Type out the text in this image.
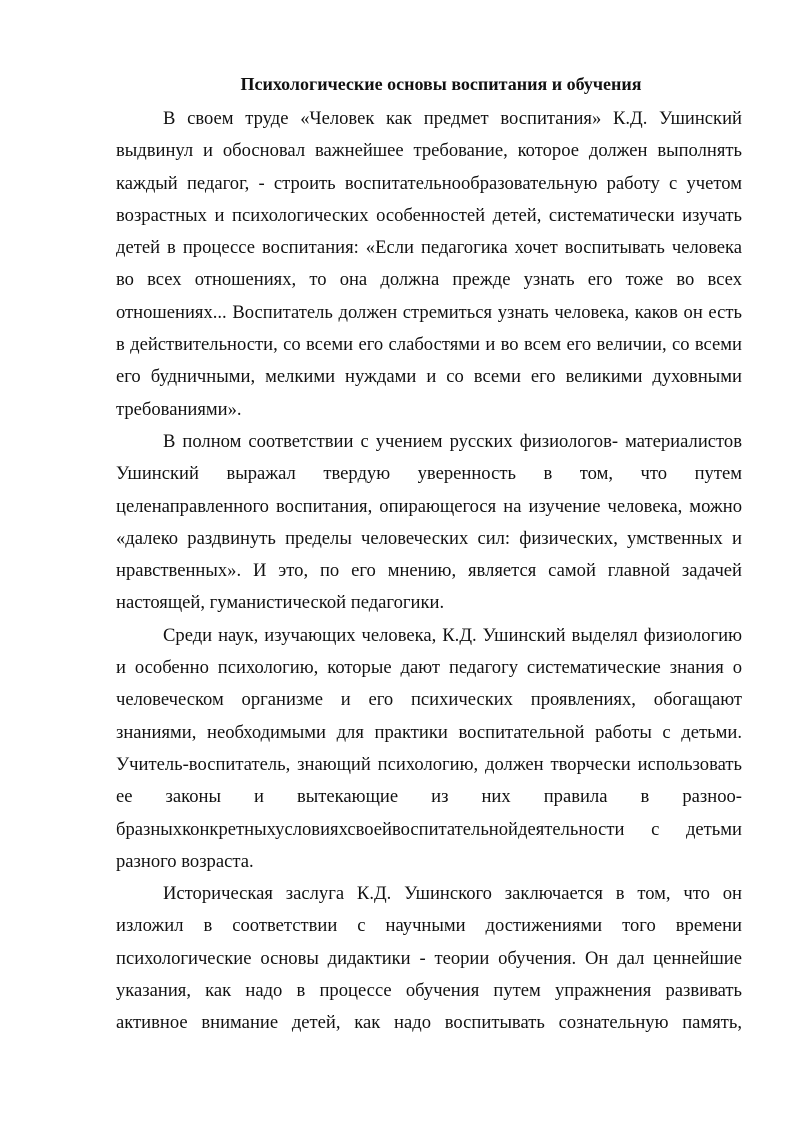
Психологические основы воспитания и обучения
В своем труде «Человек как предмет воспитания» К.Д. Ушинский
выдвинул и обосновал важнейшее требование, которое должен выполнять
каждый педагог, - строить воспитательнообразовательную работу с учетом
возрастных и психологических особенностей детей, систематически изучать
детей в процессе воспитания: «Если педагогика хочет воспитывать человека
во всех отношениях, то она должна прежде узнать его тоже во всех
отношениях... Воспитатель должен стремиться узнать человека, каков он есть
в действительности, со всеми его слабостями и во всем его величии, со всеми
его будничными, мелкими нуждами и со всеми его великими духовными
требованиями».
В полном соответствии с учением русских физиологов- материалистов
Ушинский выражал твердую уверенность в том, что путем
целенаправленного воспитания, опирающегося на изучение человека, можно
«далеко раздвинуть пределы человеческих сил: физических, умственных и
нравственных». И это, по его мнению, является самой главной задачей
настоящей, гуманистической педагогики.
Среди наук, изучающих человека, К.Д. Ушинский выделял физиологию
и особенно психологию, которые дают педагогу систематические знания о
человеческом организме и его психических проявлениях, обогащают
знаниями, необходимыми для практики воспитательной работы с детьми.
Учитель-воспитатель, знающий психологию, должен творчески использовать
ее законы и вытекающие из них правила в разноо-
бразныхконкретныхусловияхсвоейвоспитательнойдеятельности с детьми
разного возраста.
Историческая заслуга К.Д. Ушинского заключается в том, что он
изложил в соответствии с научными достижениями того времени
психологические основы дидактики - теории обучения. Он дал ценнейшие
указания, как надо в процессе обучения путем упражнения развивать
активное внимание детей, как надо воспитывать сознательную память,
